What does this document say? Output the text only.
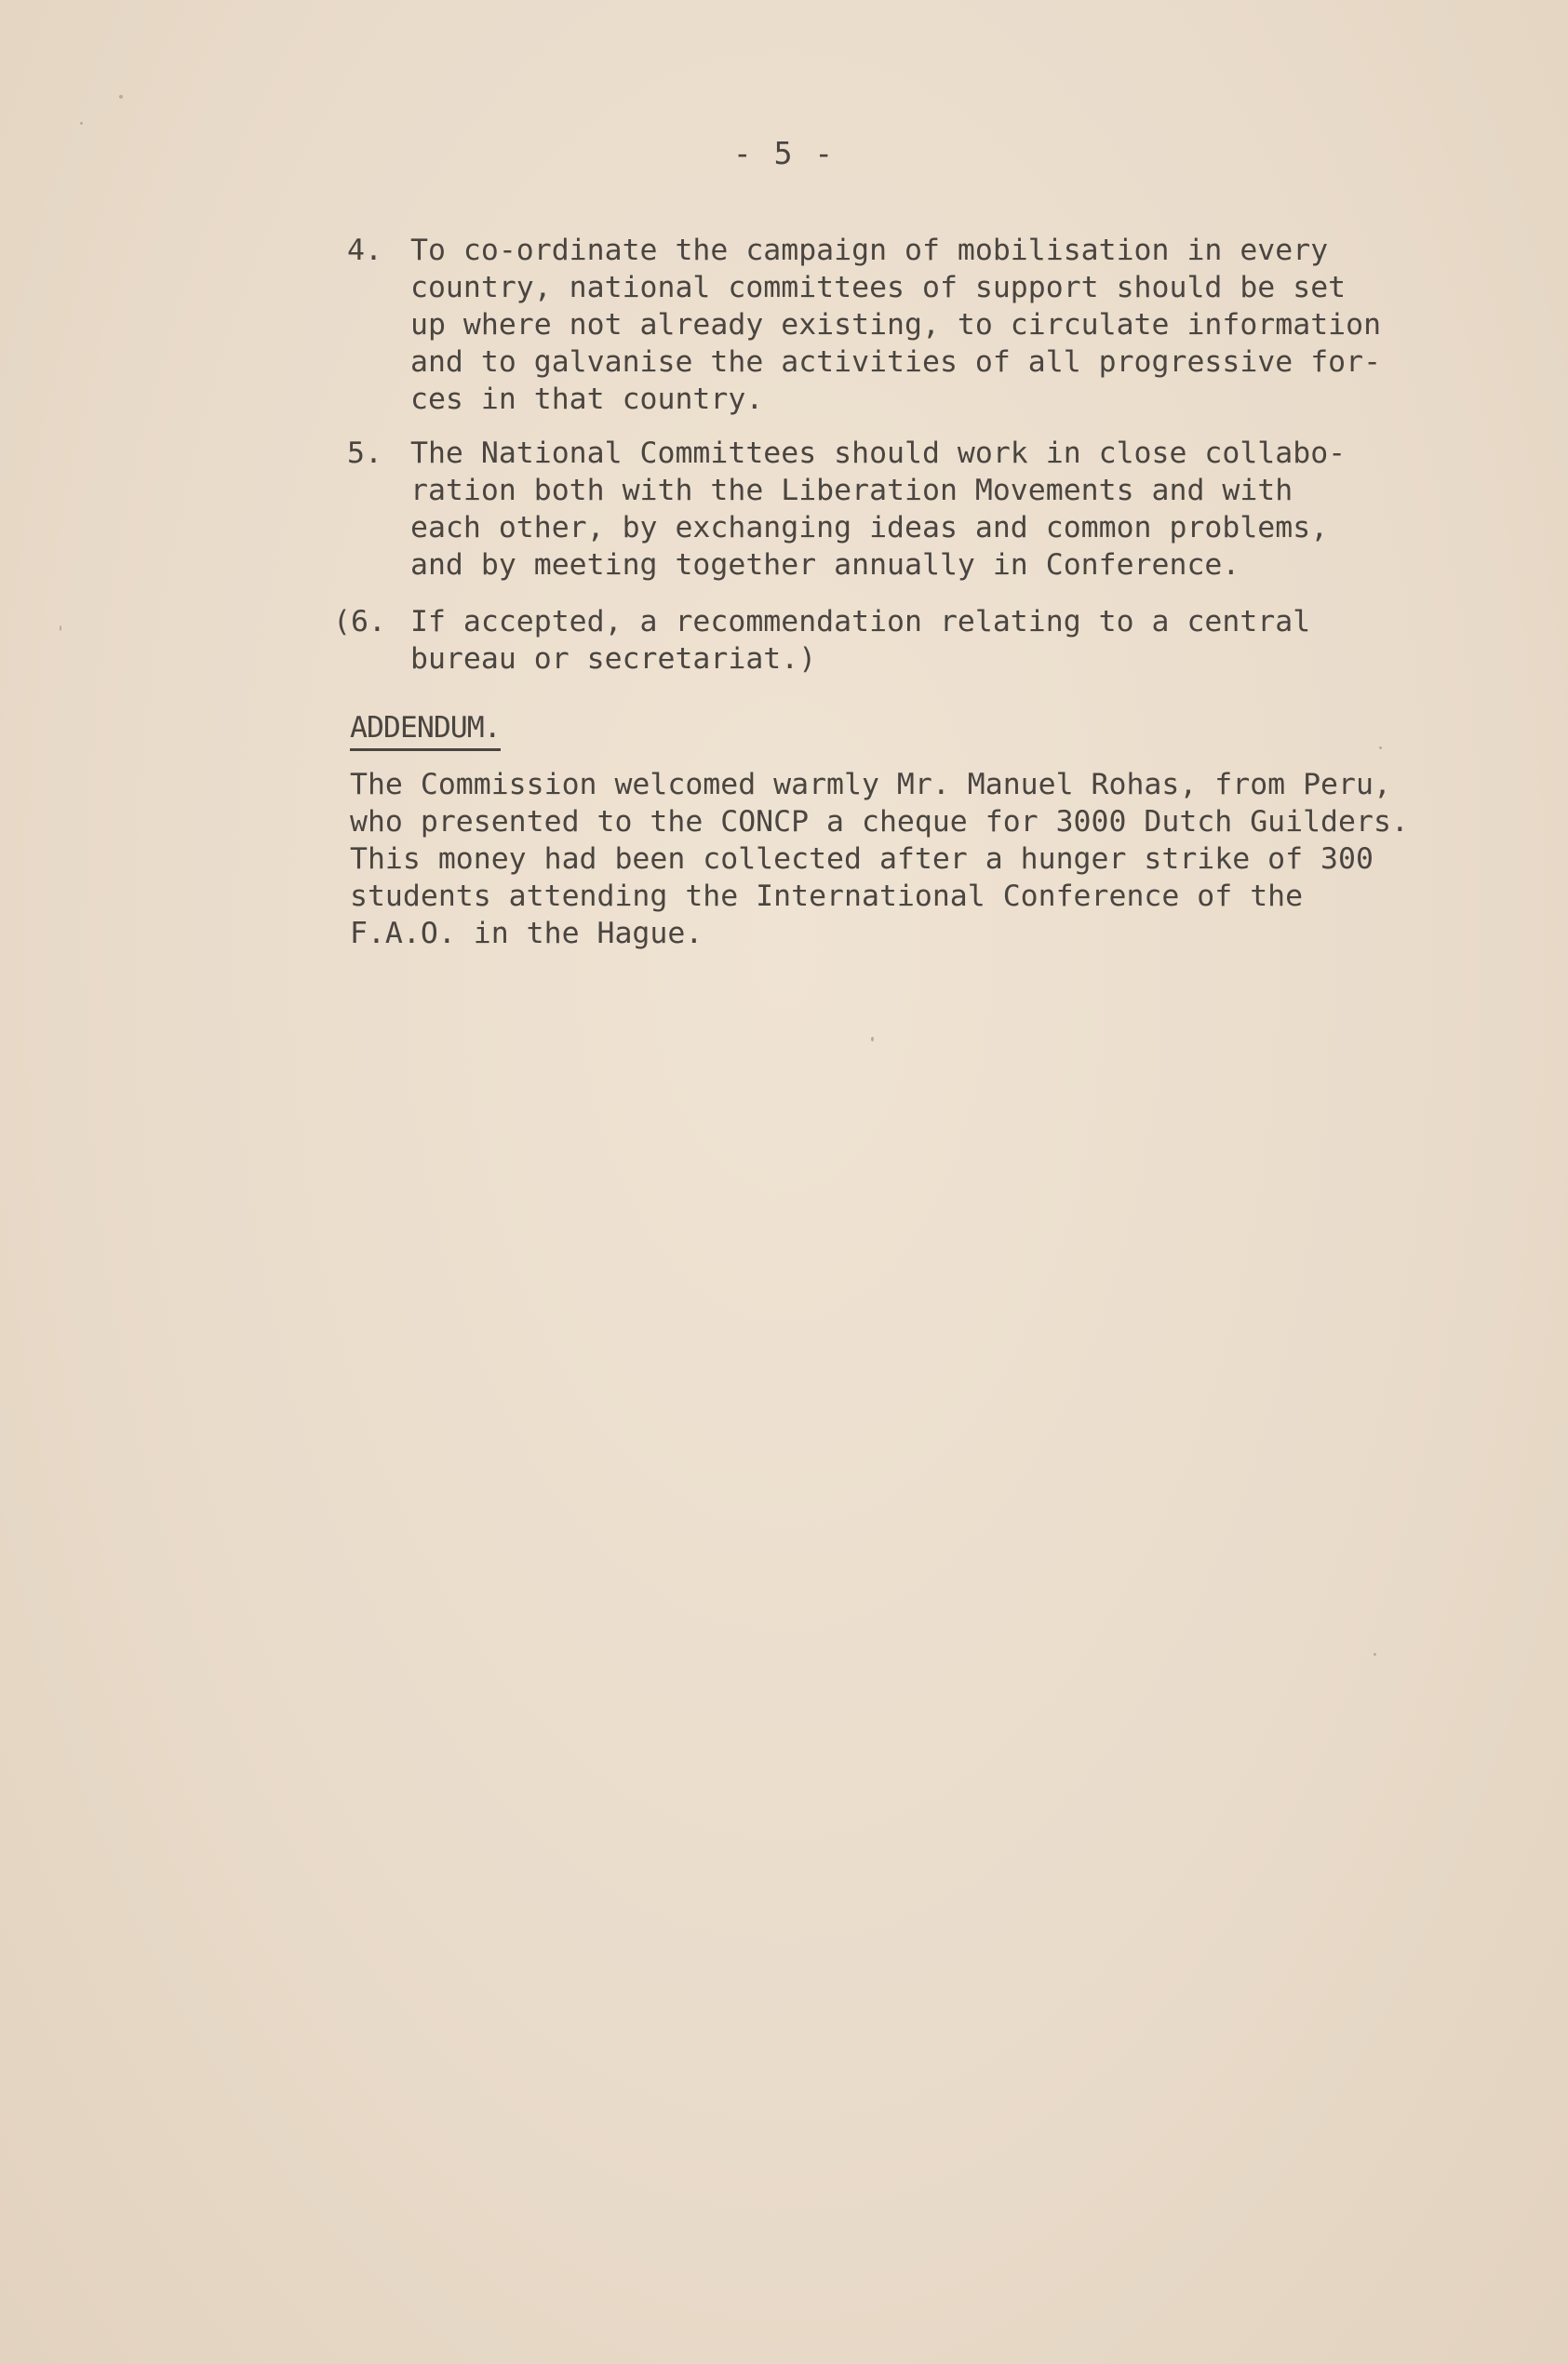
- 5 -
4. To co-ordinate the campaign of mobilisation in every
country, national committees of support should be set
up where not already existing, to circulate information
and to galvanise the activities of all progressive for-
ces in that country.
5. The National Committees should work in close collabo-
ration both with the Liberation Movements and with
each other, by exchanging ideas and common problems,
and by meeting together annually in Conference.
(6. If accepted, a recommendation relating to a central
bureau or secretariat.)
ADDENDUM.
The Commission welcomed warmly Mr. Manuel Rohas, from Peru,
who presented to the CONCP a cheque for 3000 Dutch Guilders.
This money had been collected after a hunger strike of 300
students attending the International Conference of the
F.A.O. in the Hague.
